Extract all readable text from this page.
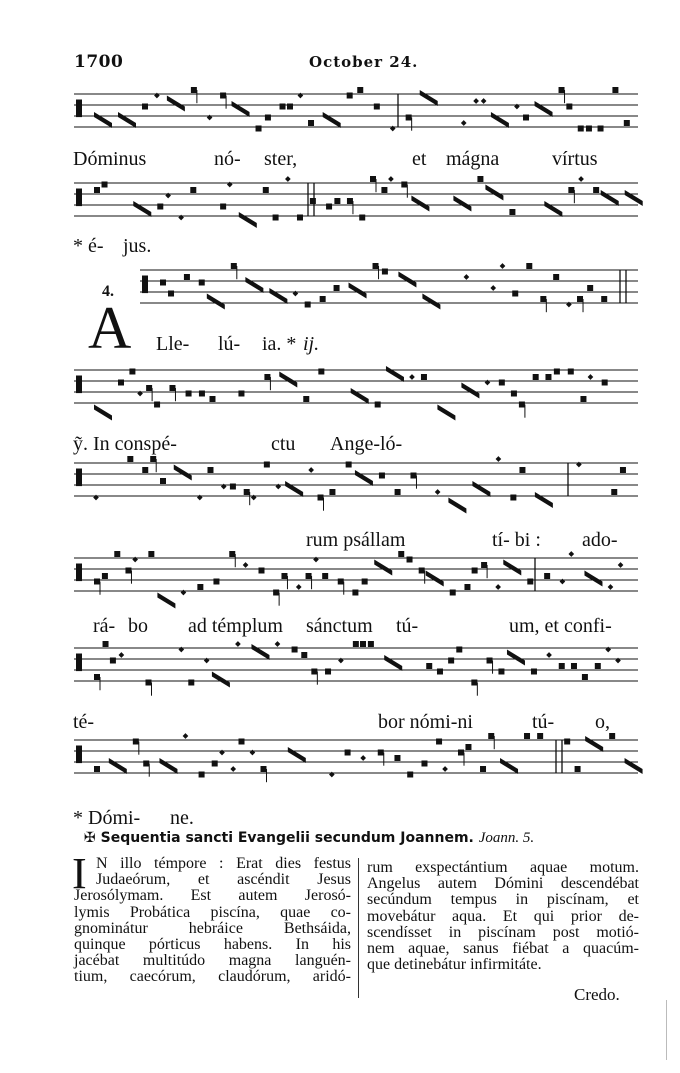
1700	October 24.
Dóminus	nó- ster,	et mágna	vírtus
* é- jus.
4.
A Lle- lú- ia. * ij.
ỹ. In conspé-	ctu Ange-ló-
rum psállam	tí- bi : ado-
rá- bo ad témplum sánctum tú-	um, et confi-
té-	bor nómi-ni	tú- o,
* Dómi- ne.
✠ Sequentia sancti Evangelii secundum Joannem. Joann. 5.
I N illo témpore : Erat dies festus
Judaeórum, et ascéndit Jesus
Jerosólymam. Est autem Jerosó-
lymis Probática piscína, quae co-
gnominátur hebráice Bethsáida,
quinque pórticus habens. In his
jacébat multitúdo magna languén-
tium, caecórum, claudórum, aridó-
rum exspectántium aquae motum.
Angelus autem Dómini descendébat
secúndum tempus in piscínam, et
movebátur aqua. Et qui prior de-
scendísset in piscínam post motió-
nem aquae, sanus fiébat a quacúm-
que detinebátur infirmitáte.
Credo.
